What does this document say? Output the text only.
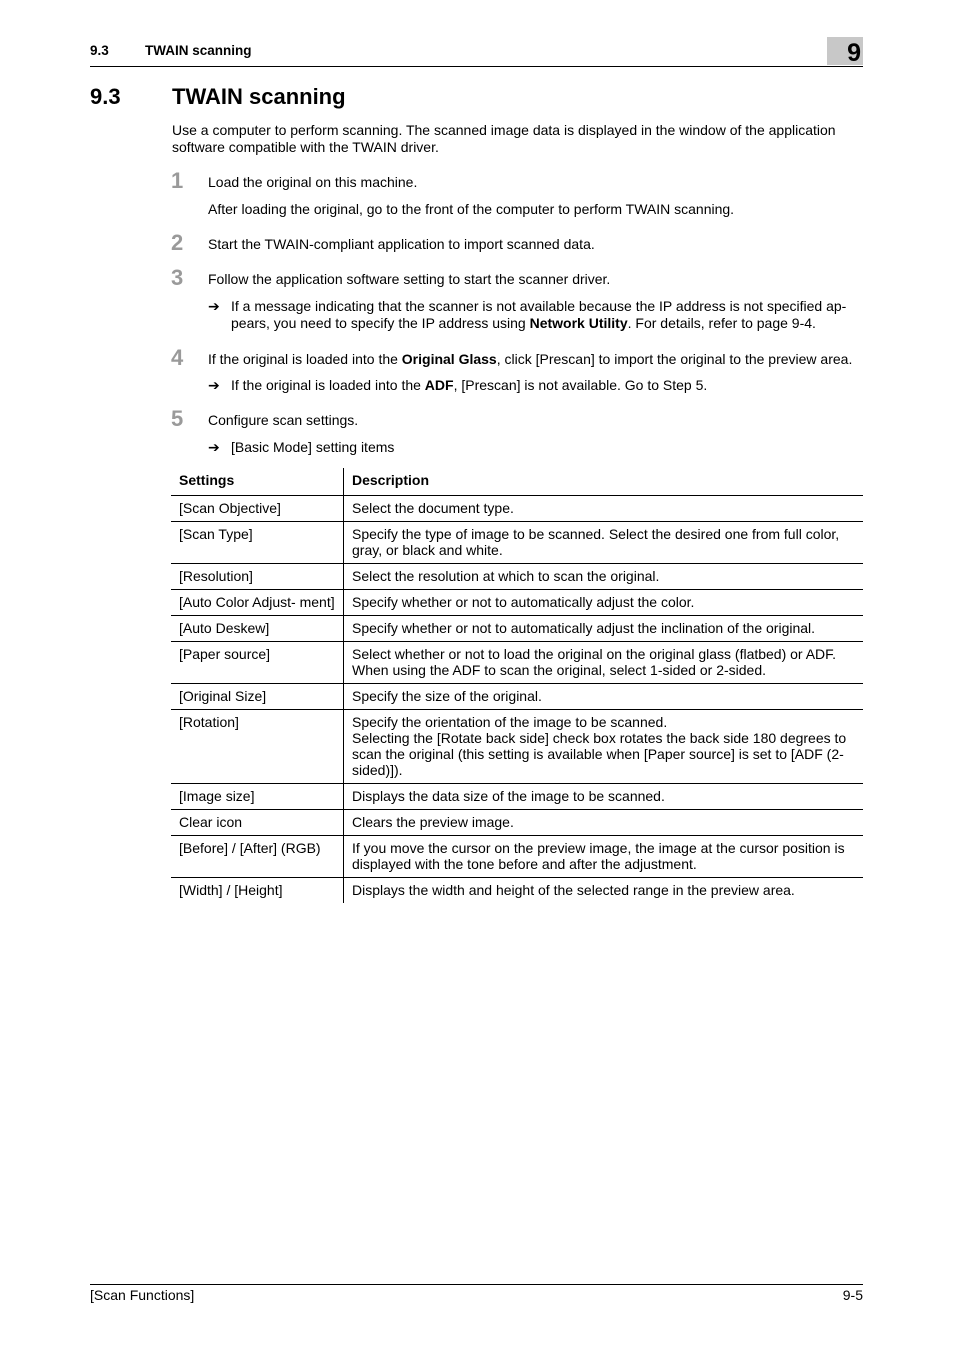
9.3	TWAIN scanning	9
9.3 TWAIN scanning
Use a computer to perform scanning. The scanned image data is displayed in the window of the application software compatible with the TWAIN driver.
1 Load the original on this machine.
After loading the original, go to the front of the computer to perform TWAIN scanning.
2 Start the TWAIN-compliant application to import scanned data.
3 Follow the application software setting to start the scanner driver.
➔ If a message indicating that the scanner is not available because the IP address is not specified ap- pears, you need to specify the IP address using Network Utility. For details, refer to page 9-4.
4 If the original is loaded into the Original Glass, click [Prescan] to import the original to the preview area.
➔ If the original is loaded into the ADF, [Prescan] is not available. Go to Step 5.
5 Configure scan settings.
➔ [Basic Mode] setting items
Settings	Description
[Scan Objective]	Select the document type.
[Scan Type]	Specify the type of image to be scanned. Select the desired one from full color, gray, or black and white.
[Resolution]	Select the resolution at which to scan the original.
[Auto Color Adjust- ment]	Specify whether or not to automatically adjust the color.
[Auto Deskew]	Specify whether or not to automatically adjust the inclination of the original.
[Paper source]	Select whether or not to load the original on the original glass (flatbed) or ADF. When using the ADF to scan the original, select 1-sided or 2-sided.
[Original Size]	Specify the size of the original.
[Rotation]	Specify the orientation of the image to be scanned.
Selecting the [Rotate back side] check box rotates the back side 180 degrees to scan the original (this setting is available when [Paper source] is set to [ADF (2-sided)]).

[Image size]	Displays the data size of the image to be scanned.
Clear icon	Clears the preview image.
[Before] / [After] (RGB)	If you move the cursor on the preview image, the image at the cursor position is displayed with the tone before and after the adjustment.
[Width] / [Height]	Displays the width and height of the selected range in the preview area.
[Scan Functions]	9-5
